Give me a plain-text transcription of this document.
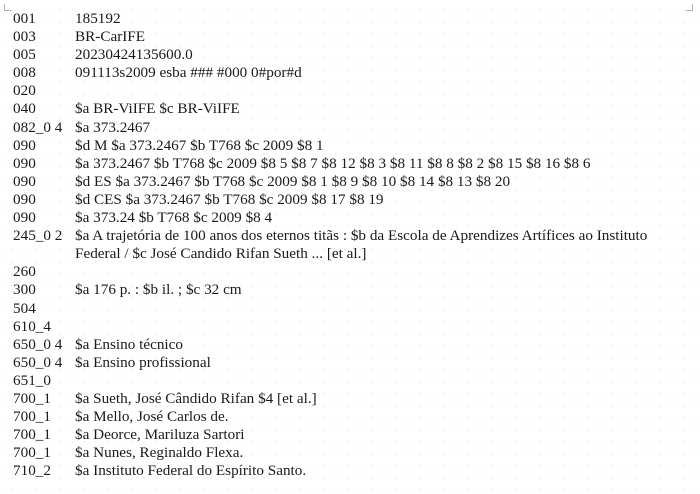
001	185192
003	BR-CarIFE
005	20230424135600.0
008	091113s2009 esba ### #000 0#por#d
020
040	$a BR-ViIFE $c BR-ViIFE
082_0 4 $a 373.2467
090	$d M $a 373.2467 $b T768 $c 2009 $8 1
090	$a 373.2467 $b T768 $c 2009 $8 5 $8 7 $8 12 $8 3 $8 11 $8 8 $8 2 $8 15 $8 16 $8 6
090	$d ES $a 373.2467 $b T768 $c 2009 $8 1 $8 9 $8 10 $8 14 $8 13 $8 20
090	$d CES $a 373.2467 $b T768 $c 2009 $8 17 $8 19
090	$a 373.24 $b T768 $c 2009 $8 4
245_0 2 $a A trajetória de 100 anos dos eternos titãs : $b da Escola de Aprendizes Artífices ao Instituto Federal / $c José Candido Rifan Sueth ... [et al.]
260
300	$a 176 p. : $b il. ; $c 32 cm
504
610_4
650_0 4 $a Ensino técnico
650_0 4 $a Ensino profissional
651_0
700_1	$a Sueth, José Cândido Rifan $4 [et al.]
700_1	$a Mello, José Carlos de.
700_1	$a Deorce, Mariluza Sartori
700_1	$a Nunes, Reginaldo Flexa.
710_2	$a Instituto Federal do Espírito Santo.
